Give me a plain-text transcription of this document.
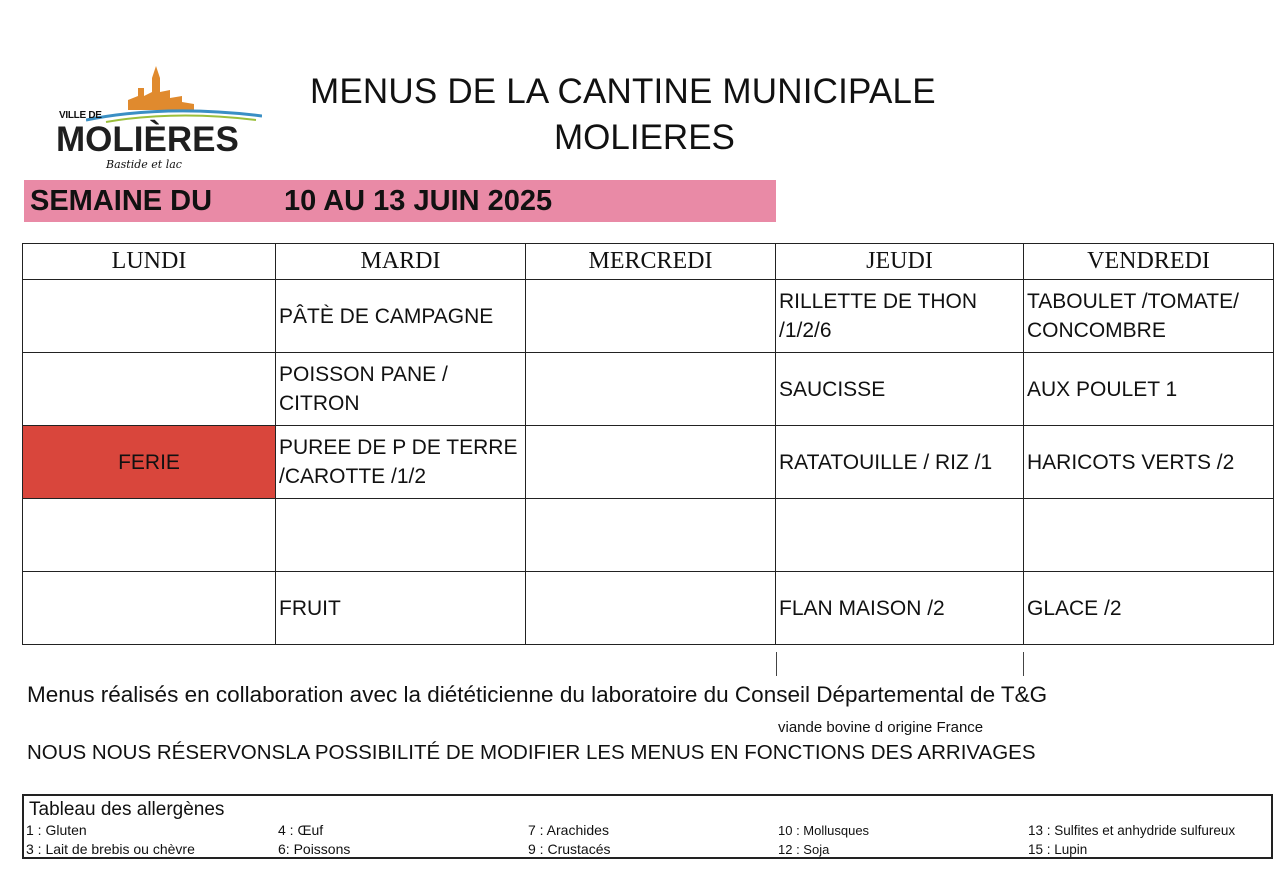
VILLE DE
MOLIÈRES
Bastide et lac
MENUS DE LA CANTINE MUNICIPALE
MOLIERES
SEMAINE DU 10 AU 13 JUIN 2025
LUNDI	MARDI	MERCREDI	JEUDI	VENDREDI
	PÂTÈ DE CAMPAGNE		RILLETTE DE THON /1/2/6	TABOULET /TOMATE/ CONCOMBRE
	POISSON PANE / CITRON		SAUCISSE	AUX POULET 1
FERIE	PUREE DE P DE TERRE /CAROTTE /1/2		RATATOUILLE / RIZ /1	HARICOTS VERTS /2

	FRUIT		FLAN MAISON /2	GLACE /2
Menus réalisés en collaboration avec la diététicienne du laboratoire du Conseil Départemental de T&G
viande bovine d origine France
NOUS NOUS RÉSERVONSLA POSSIBILITÉ DE MODIFIER LES MENUS EN FONCTIONS DES ARRIVAGES
Tableau des allergènes
1 : Gluten	4 : Œuf	7 : Arachides	10 : Mollusques	13 : Sulfites et anhydride sulfureux
3 : Lait de brebis ou chèvre	6: Poissons	9 : Crustacés	12 : Soja	15 : Lupin
